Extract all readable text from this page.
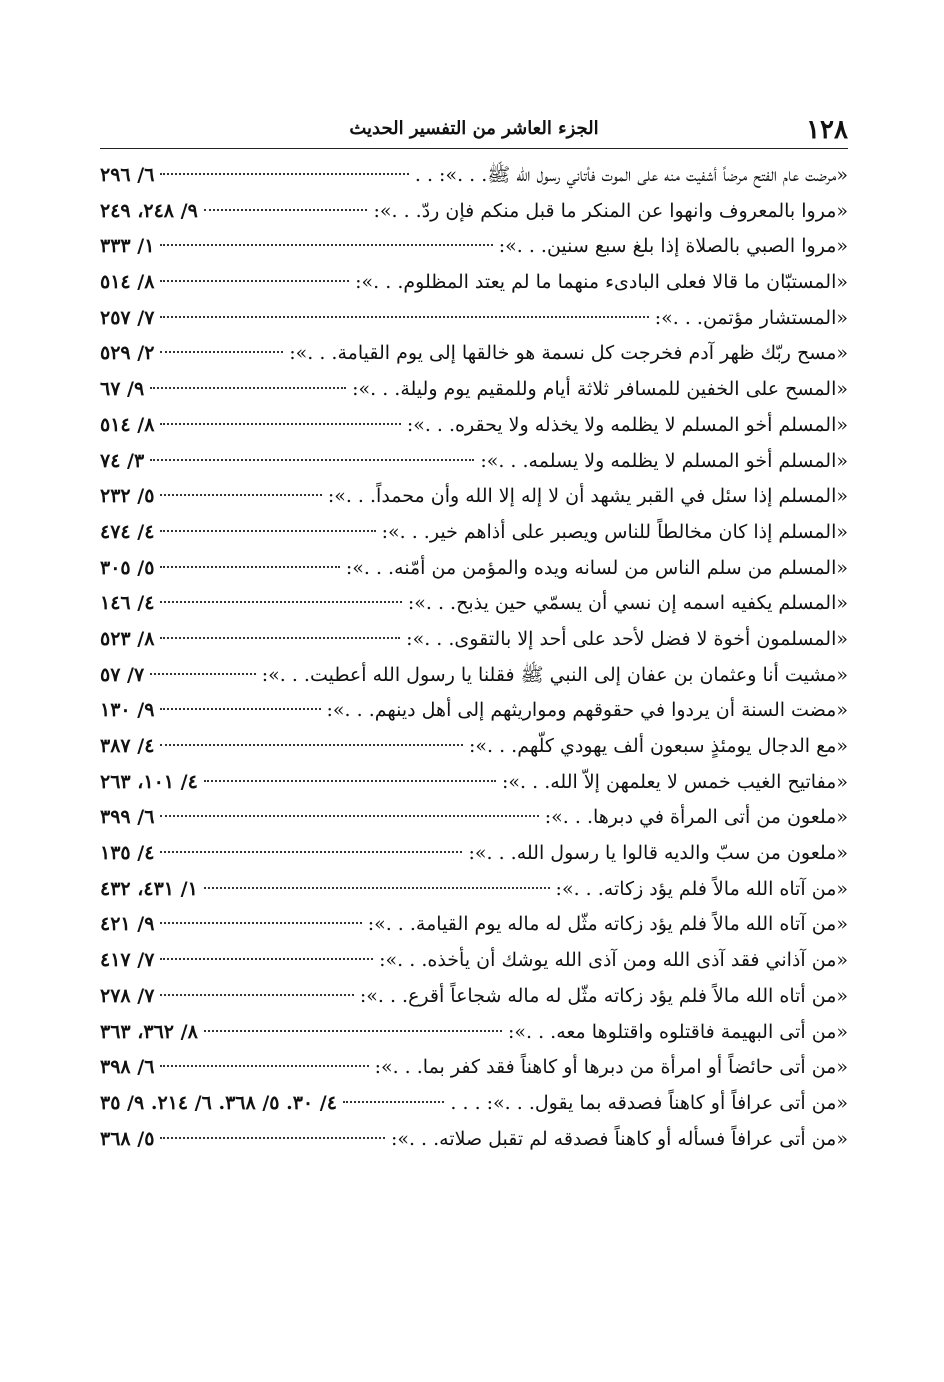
١٢٨
الجزء العاشر من التفسير الحديث
«مرضت عام الفتح مرضاً أشفيت منه على الموت فأتاني رسول الله ﷺ. . .»: . .
٦/ ٢٩٦
«مروا بالمعروف وانهوا عن المنكر ما قبل منكم فإن ردّ. . .»:
٩/ ٢٤٨، ٢٤٩
«مروا الصبي بالصلاة إذا بلغ سبع سنين. . .»:
١/ ٣٣٣
«المستبّان ما قالا فعلى البادىء منهما ما لم يعتد المظلوم. . .»:
٨/ ٥١٤
«المستشار مؤتمن. . .»:
٧/ ٢٥٧
«مسح ربّك ظهر آدم فخرجت كل نسمة هو خالقها إلى يوم القيامة. . .»:
٢/ ٥٢٩
«المسح على الخفين للمسافر ثلاثة أيام وللمقيم يوم وليلة. . .»:
٩/ ٦٧
«المسلم أخو المسلم لا يظلمه ولا يخذله ولا يحقره. . .»:
٨/ ٥١٤
«المسلم أخو المسلم لا يظلمه ولا يسلمه. . .»:
٣/ ٧٤
«المسلم إذا سئل في القبر يشهد أن لا إله إلا الله وأن محمداً. . .»:
٥/ ٢٣٢
«المسلم إذا كان مخالطاً للناس ويصبر على أذاهم خير. . .»:
٤/ ٤٧٤
«المسلم من سلم الناس من لسانه ويده والمؤمن من أمّنه. . .»:
٥/ ٣٠٥
«المسلم يكفيه اسمه إن نسي أن يسمّي حين يذبح. . .»:
٤/ ١٤٦
«المسلمون أخوة لا فضل لأحد على أحد إلا بالتقوى. . .»:
٨/ ٥٢٣
«مشيت أنا وعثمان بن عفان إلى النبي ﷺ فقلنا يا رسول الله أعطيت. . .»:
٧/ ٥٧
«مضت السنة أن يردوا في حقوقهم ومواريثهم إلى أهل دينهم. . .»:
٩/ ١٣٠
«مع الدجال يومئذٍ سبعون ألف يهودي كلّهم. . .»:
٤/ ٣٨٧
«مفاتيح الغيب خمس لا يعلمهن إلاّ الله. . .»:
٤/ ١٠١، ٢٦٣
«ملعون من أتى المرأة في دبرها. . .»:
٦/ ٣٩٩
«ملعون من سبّ والديه قالوا يا رسول الله. . .»:
٤/ ١٣٥
«من آتاه الله مالاً فلم يؤد زكاته. . .»:
١/ ٤٣١، ٤٣٢
«من آتاه الله مالاً فلم يؤد زكاته مثّل له ماله يوم القيامة. . .»:
٩/ ٤٢١
«من آذاني فقد آذى الله ومن آذى الله يوشك أن يأخذه. . .»:
٧/ ٤١٧
«من أتاه الله مالاً فلم يؤد زكاته مثّل له ماله شجاعاً أقرع. . .»:
٧/ ٢٧٨
«من أتى البهيمة فاقتلوه واقتلوها معه. . .»:
٨/ ٣٦٢، ٣٦٣
«من أتى حائضاً أو امرأة من دبرها أو كاهناً فقد كفر بما. . .»:
٦/ ٣٩٨
«من أتى عرافاً أو كاهناً فصدقه بما يقول. . .»: . . .
٤/ ٣٠. ٥/ ٣٦٨. ٦/ ٢١٤. ٩/ ٣٥
«من أتى عرافاً فسأله أو كاهناً فصدقه لم تقبل صلاته. . .»:
٥/ ٣٦٨
